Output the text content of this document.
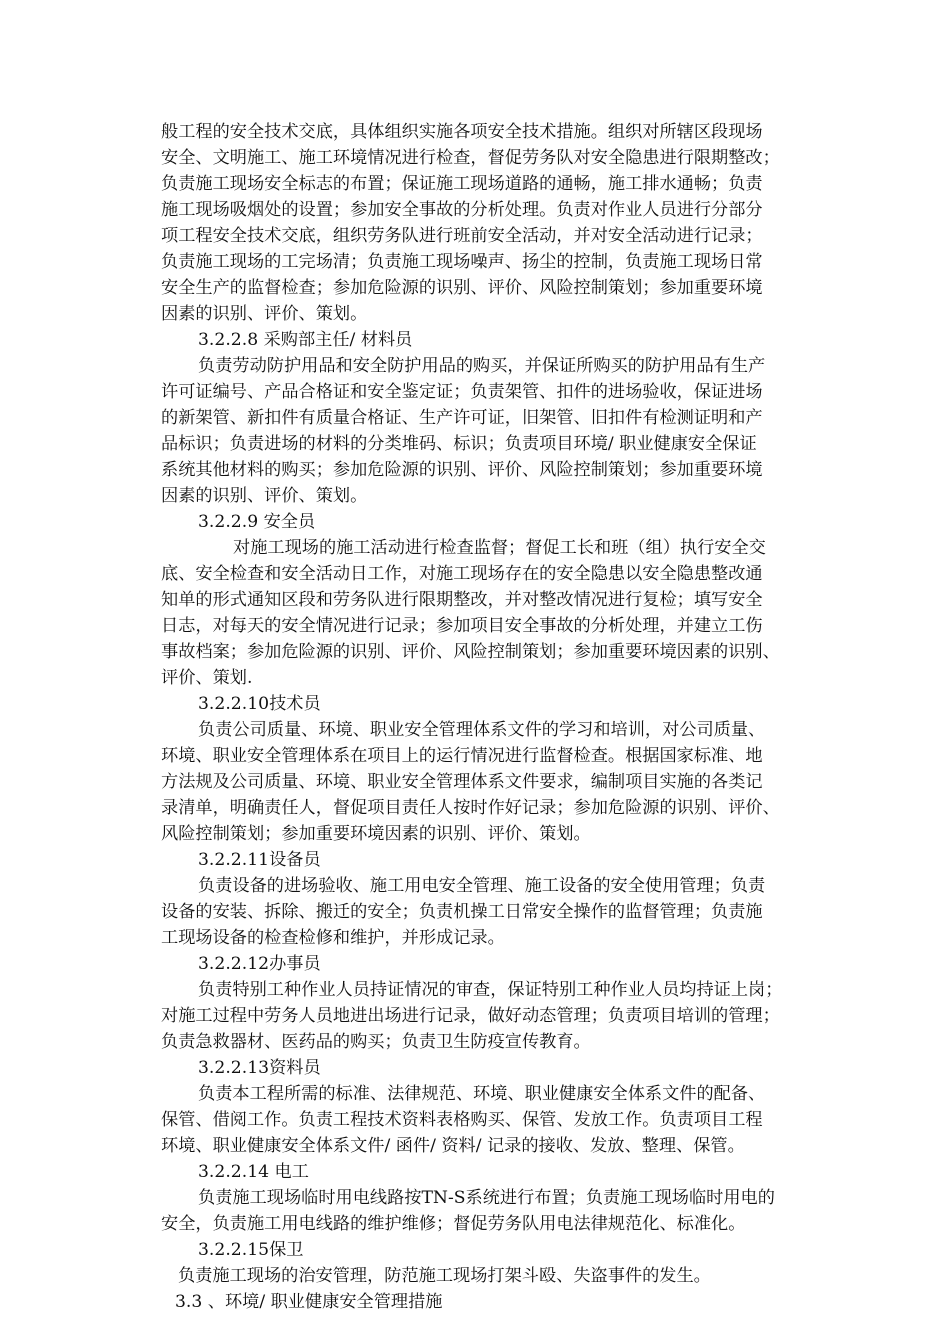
般工程的安全技术交底，具体组织实施各项安全技术措施。组织对所辖区段现场
安全、文明施工、施工环境情况进行检查，督促劳务队对安全隐患进行限期整改；
负责施工现场安全标志的布置；保证施工现场道路的通畅，施工排水通畅；负责
施工现场吸烟处的设置；参加安全事故的分析处理。负责对作业人员进行分部分
项工程安全技术交底，组织劳务队进行班前安全活动，并对安全活动进行记录；
负责施工现场的工完场清；负责施工现场噪声、扬尘的控制，负责施工现场日常
安全生产的监督检查；参加危险源的识别、评价、风险控制策划；参加重要环境
因素的识别、评价、策划。
3.2.2.8 采购部主任/ 材料员
负责劳动防护用品和安全防护用品的购买，并保证所购买的防护用品有生产
许可证编号、产品合格证和安全鉴定证；负责架管、扣件的进场验收，保证进场
的新架管、新扣件有质量合格证、生产许可证，旧架管、旧扣件有检测证明和产
品标识；负责进场的材料的分类堆码、标识；负责项目环境/ 职业健康安全保证
系统其他材料的购买；参加危险源的识别、评价、风险控制策划；参加重要环境
因素的识别、评价、策划。
3.2.2.9 安全员
对施工现场的施工活动进行检查监督；督促工长和班（组）执行安全交
底、安全检查和安全活动日工作，对施工现场存在的安全隐患以安全隐患整改通
知单的形式通知区段和劳务队进行限期整改，并对整改情况进行复检；填写安全
日志，对每天的安全情况进行记录；参加项目安全事故的分析处理，并建立工伤
事故档案；参加危险源的识别、评价、风险控制策划；参加重要环境因素的识别、
评价、策划.
3.2.2.10技术员
负责公司质量、环境、职业安全管理体系文件的学习和培训，对公司质量、
环境、职业安全管理体系在项目上的运行情况进行监督检查。根据国家标准、地
方法规及公司质量、环境、职业安全管理体系文件要求，编制项目实施的各类记
录清单，明确责任人，督促项目责任人按时作好记录；参加危险源的识别、评价、
风险控制策划；参加重要环境因素的识别、评价、策划。
3.2.2.11设备员
负责设备的进场验收、施工用电安全管理、施工设备的安全使用管理；负责
设备的安装、拆除、搬迁的安全；负责机操工日常安全操作的监督管理；负责施
工现场设备的检查检修和维护，并形成记录。
3.2.2.12办事员
负责特别工种作业人员持证情况的审查，保证特别工种作业人员均持证上岗；
对施工过程中劳务人员地进出场进行记录，做好动态管理；负责项目培训的管理；
负责急救器材、医药品的购买；负责卫生防疫宣传教育。
3.2.2.13资料员
负责本工程所需的标准、法律规范、环境、职业健康安全体系文件的配备、
保管、借阅工作。负责工程技术资料表格购买、保管、发放工作。负责项目工程
环境、职业健康安全体系文件/ 函件/ 资料/ 记录的接收、发放、整理、保管。
3.2.2.14 电工
负责施工现场临时用电线路按TN-S系统进行布置；负责施工现场临时用电的
安全，负责施工用电线路的维护维修；督促劳务队用电法律规范化、标准化。
3.2.2.15保卫
负责施工现场的治安管理，防范施工现场打架斗殴、失盗事件的发生。
3.3 、环境/ 职业健康安全管理措施
